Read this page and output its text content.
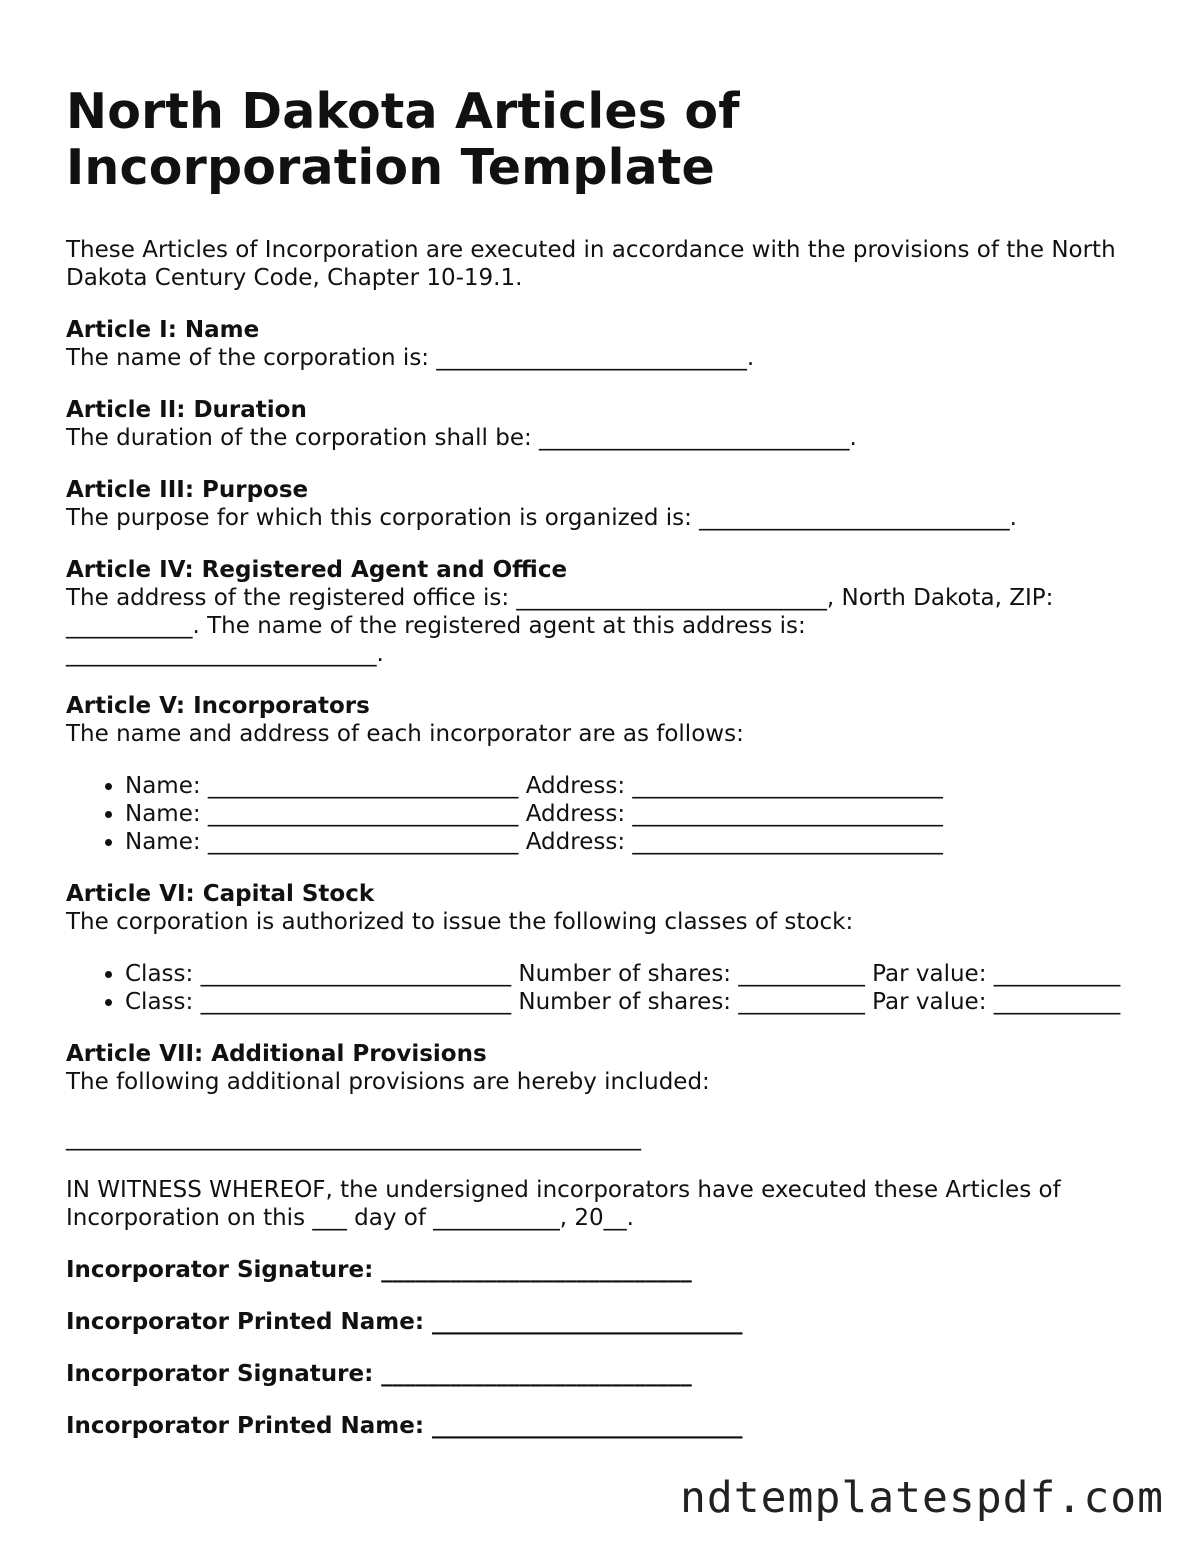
North Dakota Articles of Incorporation Template

These Articles of Incorporation are executed in accordance with the provisions of the North Dakota Century Code, Chapter 10-19.1.

Article I: Name

The name of the corporation is: ___________________________.

Article II: Duration

The duration of the corporation shall be: ___________________________.

Article III: Purpose

The purpose for which this corporation is organized is: ___________________________.

Article IV: Registered Agent and Office

The address of the registered office is: ___________________________, North Dakota, ZIP: ___________. The name of the registered agent at this address is: ___________________________.

Article V: Incorporators

The name and address of each incorporator are as follows:

• Name: ___________________________ Address: ___________________________
• Name: ___________________________ Address: ___________________________
• Name: ___________________________ Address: ___________________________

Article VI: Capital Stock

The corporation is authorized to issue the following classes of stock:

• Class: ___________________________ Number of shares: ___________ Par value: ___________
• Class: ___________________________ Number of shares: ___________ Par value: ___________

Article VII: Additional Provisions

The following additional provisions are hereby included:

__________________________________________________

IN WITNESS WHEREOF, the undersigned incorporators have executed these Articles of Incorporation on this ___ day of ___________, 20__.

Incorporator Signature: ___________________________

Incorporator Printed Name: ___________________________

Incorporator Signature: ___________________________

Incorporator Printed Name: ___________________________

ndtemplatespdf.com
